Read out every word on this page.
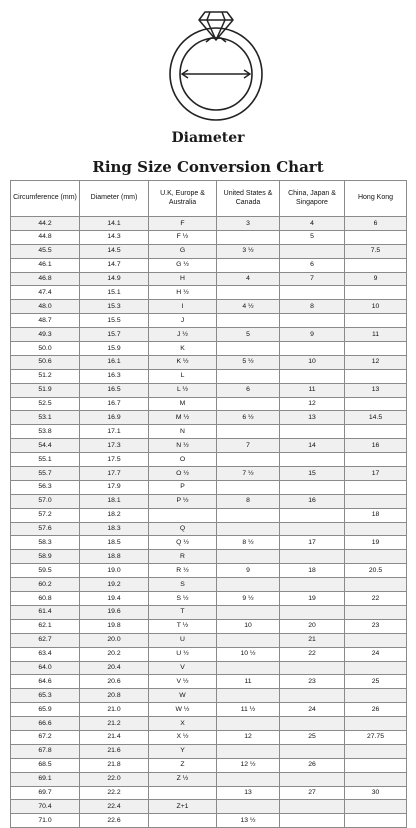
Diameter
Ring Size Conversion Chart
Circumference (mm)	Diameter (mm)	U.K, Europe & Australia	United States & Canada	China, Japan & Singapore	Hong Kong
44.2	14.1	F	3	4	6
44.8	14.3	F ½		5	
45.5	14.5	G	3 ½		7.5
46.1	14.7	G ½		6	
46.8	14.9	H	4	7	9
47.4	15.1	H ½			
48.0	15.3	I	4 ½	8	10
48.7	15.5	J			
49.3	15.7	J ½	5	9	11
50.0	15.9	K			
50.6	16.1	K ½	5 ½	10	12
51.2	16.3	L			
51.9	16.5	L ½	6	11	13
52.5	16.7	M		12	
53.1	16.9	M ½	6 ½	13	14.5
53.8	17.1	N			
54.4	17.3	N ½	7	14	16
55.1	17.5	O			
55.7	17.7	O ½	7 ½	15	17
56.3	17.9	P			
57.0	18.1	P ½	8	16	
57.2	18.2				18
57.6	18.3	Q			
58.3	18.5	Q ½	8 ½	17	19
58.9	18.8	R			
59.5	19.0	R ½	9	18	20.5
60.2	19.2	S			
60.8	19.4	S ½	9 ½	19	22
61.4	19.6	T			
62.1	19.8	T ½	10	20	23
62.7	20.0	U		21	
63.4	20.2	U ½	10 ½	22	24
64.0	20.4	V			
64.6	20.6	V ½	11	23	25
65.3	20.8	W			
65.9	21.0	W ½	11 ½	24	26
66.6	21.2	X			
67.2	21.4	X ½	12	25	27.75
67.8	21.6	Y			
68.5	21.8	Z	12 ½	26	
69.1	22.0	Z ½			
69.7	22.2		13	27	30
70.4	22.4	Z+1			
71.0	22.6		13 ½		
